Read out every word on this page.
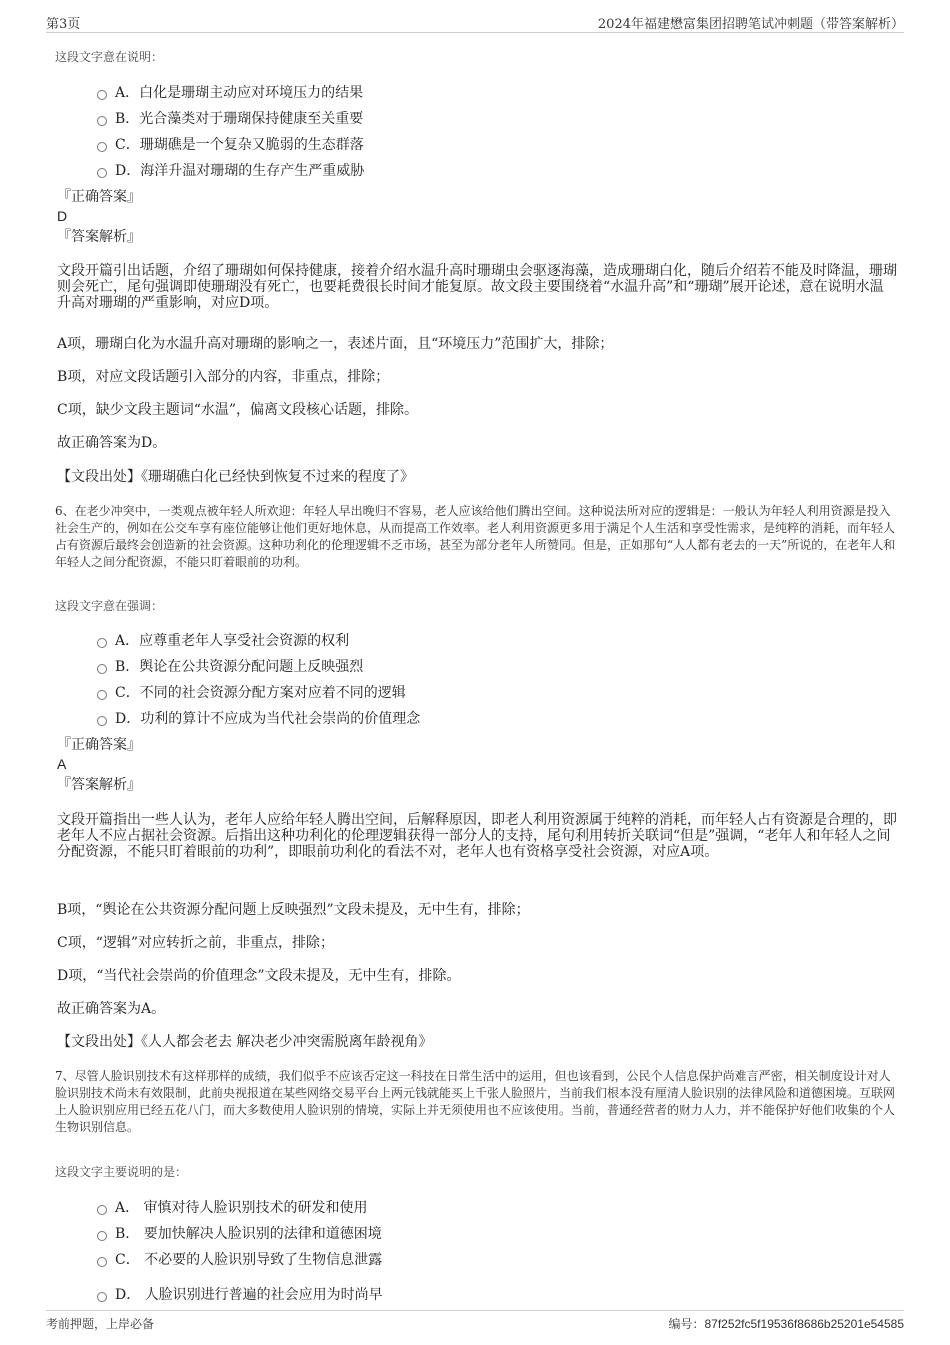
第3页	2024年福建懋富集团招聘笔试冲刺题（带答案解析）
这段文字意在说明：
A．白化是珊瑚主动应对环境压力的结果
B．光合藻类对于珊瑚保持健康至关重要
C．珊瑚礁是一个复杂又脆弱的生态群落
D．海洋升温对珊瑚的生存产生严重威胁
『正确答案』
D
『答案解析』
文段开篇引出话题，介绍了珊瑚如何保持健康，接着介绍水温升高时珊瑚虫会驱逐海藻，造成珊瑚白化，随后介绍若不能及时降温，珊瑚则会死亡，尾句强调即使珊瑚没有死亡，也要耗费很长时间才能复原。故文段主要围绕着“水温升高”和“珊瑚”展开论述，意在说明水温升高对珊瑚的严重影响，对应D项。
A项，珊瑚白化为水温升高对珊瑚的影响之一，表述片面，且“环境压力”范围扩大，排除；
B项，对应文段话题引入部分的内容，非重点，排除；
C项，缺少文段主题词“水温”，偏离文段核心话题，排除。
故正确答案为D。
【文段出处】《珊瑚礁白化已经快到恢复不过来的程度了》
6、在老少冲突中，一类观点被年轻人所欢迎：年轻人早出晚归不容易，老人应该给他们腾出空间。这种说法所对应的逻辑是：一般认为年轻人利用资源是投入社会生产的，例如在公交车享有座位能够让他们更好地休息，从而提高工作效率。老人利用资源更多用于满足个人生活和享受性需求，是纯粹的消耗，而年轻人占有资源后最终会创造新的社会资源。这种功利化的伦理逻辑不乏市场，甚至为部分老年人所赞同。但是，正如那句“人人都有老去的一天”所说的，在老年人和年轻人之间分配资源，不能只盯着眼前的功利。
这段文字意在强调：
A．应尊重老年人享受社会资源的权利
B．舆论在公共资源分配问题上反映强烈
C．不同的社会资源分配方案对应着不同的逻辑
D．功利的算计不应成为当代社会崇尚的价值理念
『正确答案』
A
『答案解析』
文段开篇指出一些人认为，老年人应给年轻人腾出空间，后解释原因，即老人利用资源属于纯粹的消耗，而年轻人占有资源是合理的，即老年人不应占据社会资源。后指出这种功利化的伦理逻辑获得一部分人的支持，尾句利用转折关联词“但是”强调，“老年人和年轻人之间分配资源，不能只盯着眼前的功利”，即眼前功利化的看法不对，老年人也有资格享受社会资源，对应A项。
B项，“舆论在公共资源分配问题上反映强烈”文段未提及，无中生有，排除；
C项，“逻辑”对应转折之前，非重点，排除；
D项，“当代社会崇尚的价值理念”文段未提及，无中生有，排除。
故正确答案为A。
【文段出处】《人人都会老去 解决老少冲突需脱离年龄视角》
7、尽管人脸识别技术有这样那样的成绩，我们似乎不应该否定这一科技在日常生活中的运用，但也该看到，公民个人信息保护尚难言严密，相关制度设计对人脸识别技术尚未有效限制，此前央视报道在某些网络交易平台上两元钱就能买上千张人脸照片，当前我们根本没有厘清人脸识别的法律风险和道德困境。互联网上人脸识别应用已经五花八门，而大多数使用人脸识别的情境，实际上并无须使用也不应该使用。当前，普通经营者的财力人力，并不能保护好他们收集的个人生物识别信息。
这段文字主要说明的是：
A． 审慎对待人脸识别技术的研发和使用
B． 要加快解决人脸识别的法律和道德困境
C． 不必要的人脸识别导致了生物信息泄露
D． 人脸识别进行普遍的社会应用为时尚早
考前押题，上岸必备	编号：87f252fc5f19536f8686b25201e54585
